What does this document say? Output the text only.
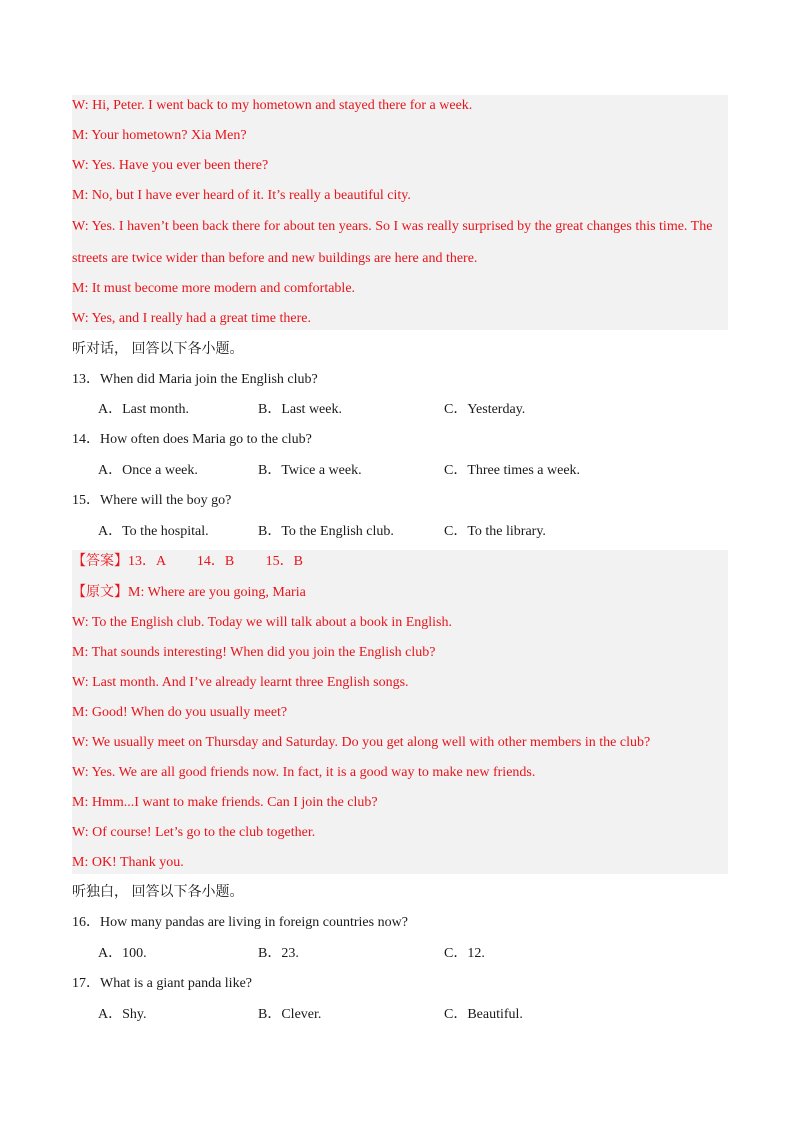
W: Hi, Peter. I went back to my hometown and stayed there for a week.
M: Your hometown? Xia Men?
W: Yes. Have you ever been there?
M: No, but I have ever heard of it. It’s really a beautiful city.
W: Yes. I haven’t been back there for about ten years. So I was really surprised by the great changes this time. The
streets are twice wider than before and new buildings are here and there.
M: It must become more modern and comfortable.
W: Yes, and I really had a great time there.
听对话， 回答以下各小题。
13．When did Maria join the English club?
A．Last month.	B．Last week.	C．Yesterday.
14．How often does Maria go to the club?
A．Once a week.	B．Twice a week.	C．Three times a week.
15．Where will the boy go?
A．To the hospital.	B．To the English club.	C．To the library.
【答案】13．A 　　14．B 　　15．B
【原文】M: Where are you going, Maria
W: To the English club. Today we will talk about a book in English.
M: That sounds interesting! When did you join the English club?
W: Last month. And I’ve already learnt three English songs.
M: Good! When do you usually meet?
W: We usually meet on Thursday and Saturday. Do you get along well with other members in the club?
W: Yes. We are all good friends now. In fact, it is a good way to make new friends.
M: Hmm...I want to make friends. Can I join the club?
W: Of course! Let’s go to the club together.
M: OK! Thank you.
听独白， 回答以下各小题。
16．How many pandas are living in foreign countries now?
A．100.	B．23.	C．12.
17．What is a giant panda like?
A．Shy.	B．Clever.	C．Beautiful.
